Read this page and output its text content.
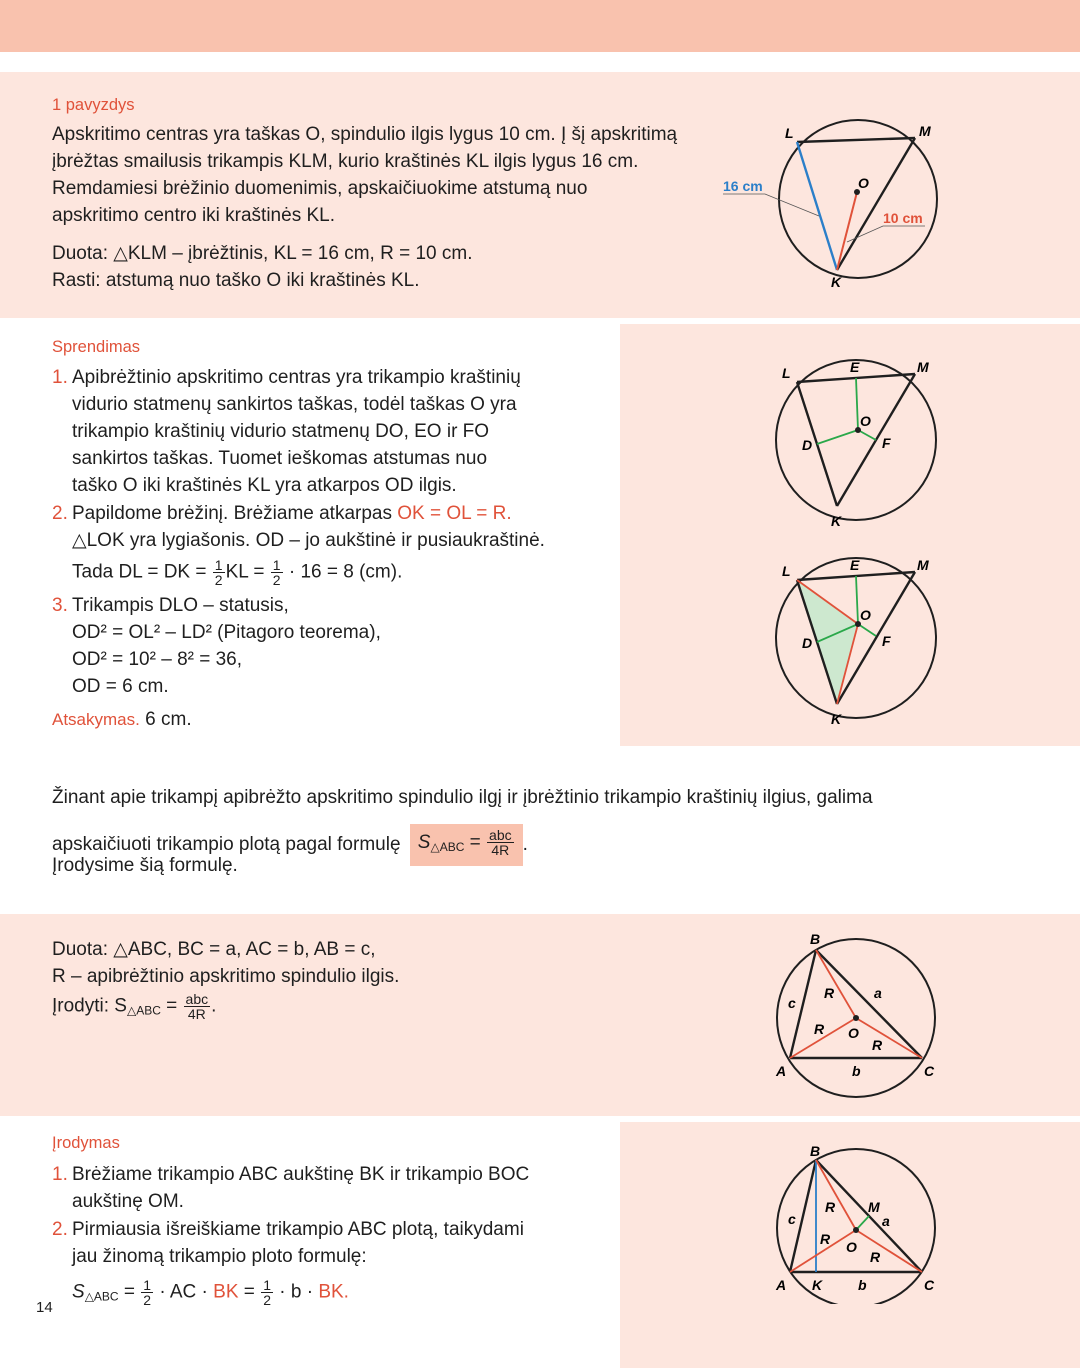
1 pavyzdys
Apskritimo centras yra taškas O, spindulio ilgis lygus 10 cm. Į šį apskritimą
įbrėžtas smailusis trikampis KLM, kurio kraštinės KL ilgis lygus 16 cm.
Remdamiesi brėžinio duomenimis, apskaičiuokime atstumą nuo
apskritimo centro iki kraštinės KL.
Duota: △KLM – įbrėžtinis, KL = 16 cm, R = 10 cm.
Rasti: atstumą nuo taško O iki kraštinės KL.
L	M
O
K
16 cm
10 cm
Sprendimas
1. Apibrėžtinio apskritimo centras yra trikampio kraštinių
vidurio statmenų sankirtos taškas, todėl taškas O yra
trikampio kraštinių vidurio statmenų DO, EO ir FO
sankirtos taškas. Tuomet ieškomas atstumas nuo
taško O iki kraštinės KL yra atkarpos OD ilgis.
2. Papildome brėžinį. Brėžiame atkarpas OK = OL = R.
△LOK yra lygiašonis. OD – jo aukštinė ir pusiaukraštinė.
Tada DL = DK = $\frac{1}{2}$ KL = $\frac{1}{2} \cdot 16 = 8$ (cm).
3. Trikampis DLO – statusis,
OD² = OL² – LD² (Pitagoro teorema),
OD² = 10² – 8² = 36,
OD = 6 cm.
Atsakymas. 6 cm.
L	E	M
O
D	F
K
L	E	M
O
D	F
K
Žinant apie trikampį apibrėžto apskritimo spindulio ilgį ir įbrėžtinio trikampio kraštinių ilgius, galima
apskaičiuoti trikampio plotą pagal formulę $S_{\triangle ABC} = \frac{\text{abc}}{4R}$ .
Įrodysime šią formulę.
Duota: △ABC, BC = a, AC = b, AB = c,
R – apibrėžtinio apskritimo spindulio ilgis.
Įrodyti: $S_{\triangle ABC} = \frac{\text{abc}}{4R}$ .
B
A	C
a
b
c
R
R
R
O
Įrodymas
1. Brėžiame trikampio ABC aukštinę BK ir trikampio BOC
aukštinę OM.
2. Pirmiausia išreiškiame trikampio ABC plotą, taikydami
jau žinomą trikampio ploto formulę:
$S_{\triangle ABC} = \frac{1}{2}$ · AC · BK = $\frac{1}{2} \cdot b$ · BK.
B
A K	C
M
a
b
c
R
R
R
O
14
